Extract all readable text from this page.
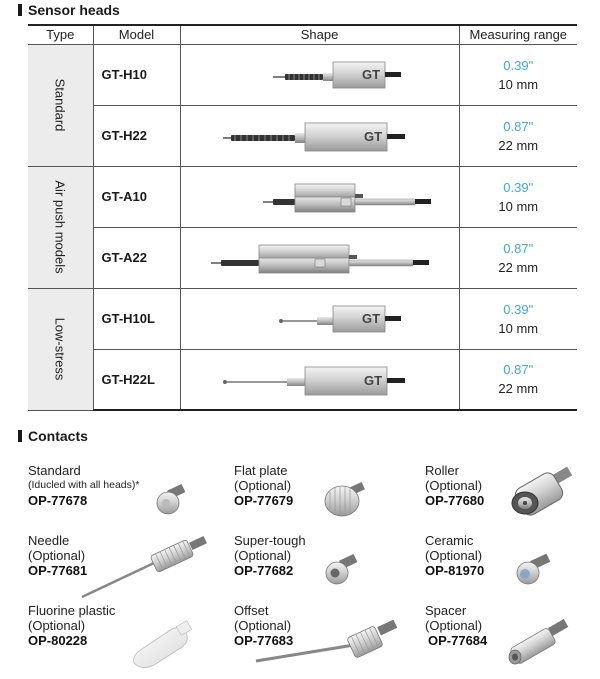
Sensor heads
Type	Model	Shape	Measuring range

Standard	GT-H10	GT	0.39"
10 mm

	GT-H22	GT	0.87"
22 mm

Air push models	GT-A10		0.39"
10 mm

	GT-A22		0.87"
22 mm

Low-stress	GT-H10L	GT	0.39"
10 mm

	GT-H22L	GT	0.87"
22 mm
Contacts
Standard
(Iducled with all heads)*
OP-77678
Flat plate
(Optional)
OP-77679
Roller
(Optional)
OP-77680
Needle
(Optional)
OP-77681
Super-tough
(Optional)
OP-77682
Ceramic
(Optional)
OP-81970
Fluorine plastic
(Optional)
OP-80228
Offset
(Optional)
OP-77683
Spacer
(Optional)
OP-77684
